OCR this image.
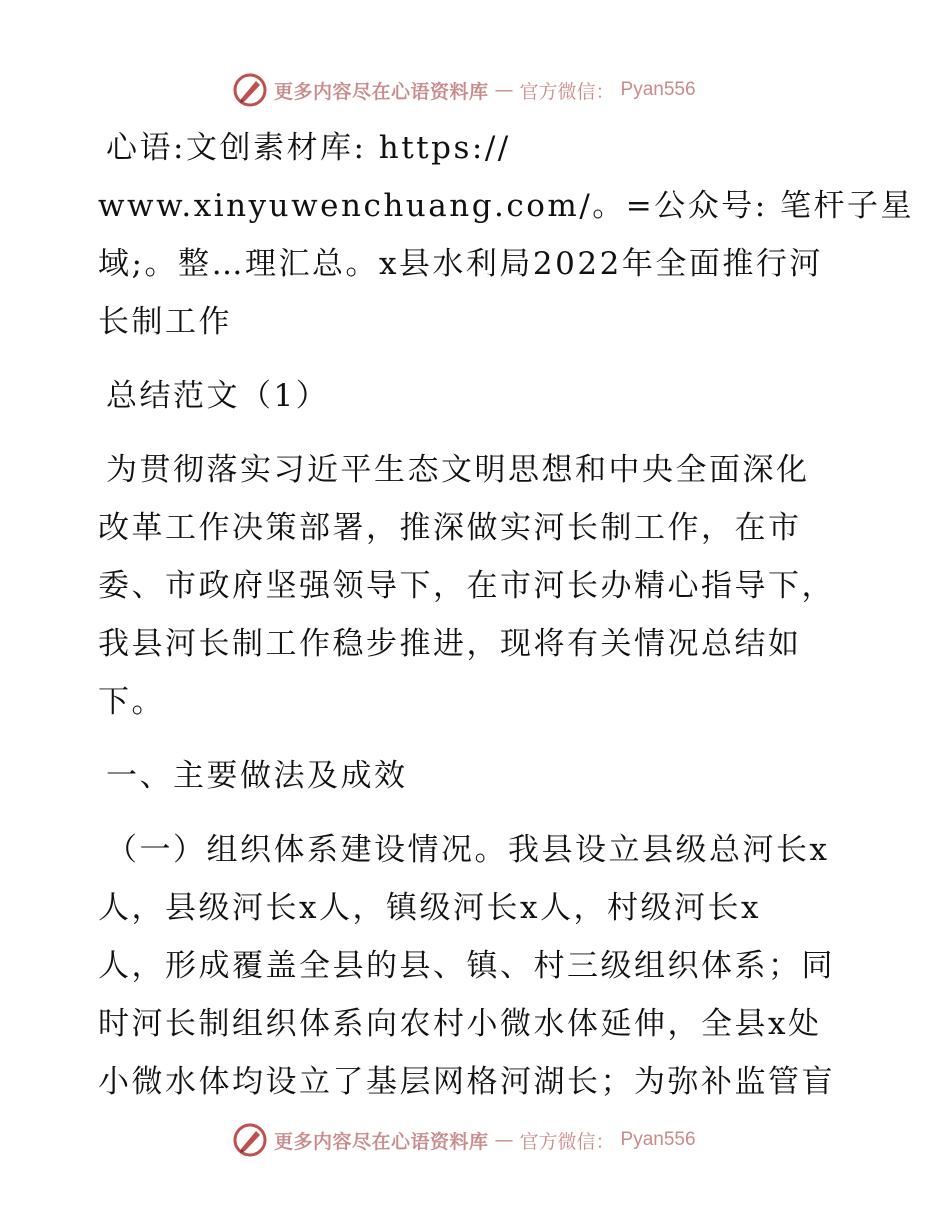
更多内容尽在心语资料库 — 官方微信： Pyan556
心语:文创素材库: https://
www.xinyuwenchuang.com/。=公众号: 笔杆子星
域;。整…理汇总。x县水利局2022年全面推行河
长制工作
总结范文（1）
为贯彻落实习近平生态文明思想和中央全面深化
改革工作决策部署，推深做实河长制工作，在市
委、市政府坚强领导下，在市河长办精心指导下，
我县河长制工作稳步推进，现将有关情况总结如
下。
一、主要做法及成效
（一）组织体系建设情况。我县设立县级总河长x
人，县级河长x人，镇级河长x人，村级河长x
人，形成覆盖全县的县、镇、村三级组织体系；同
时河长制组织体系向农村小微水体延伸，全县x处
小微水体均设立了基层网格河湖长；为弥补监管盲
更多内容尽在心语资料库 — 官方微信： Pyan556
